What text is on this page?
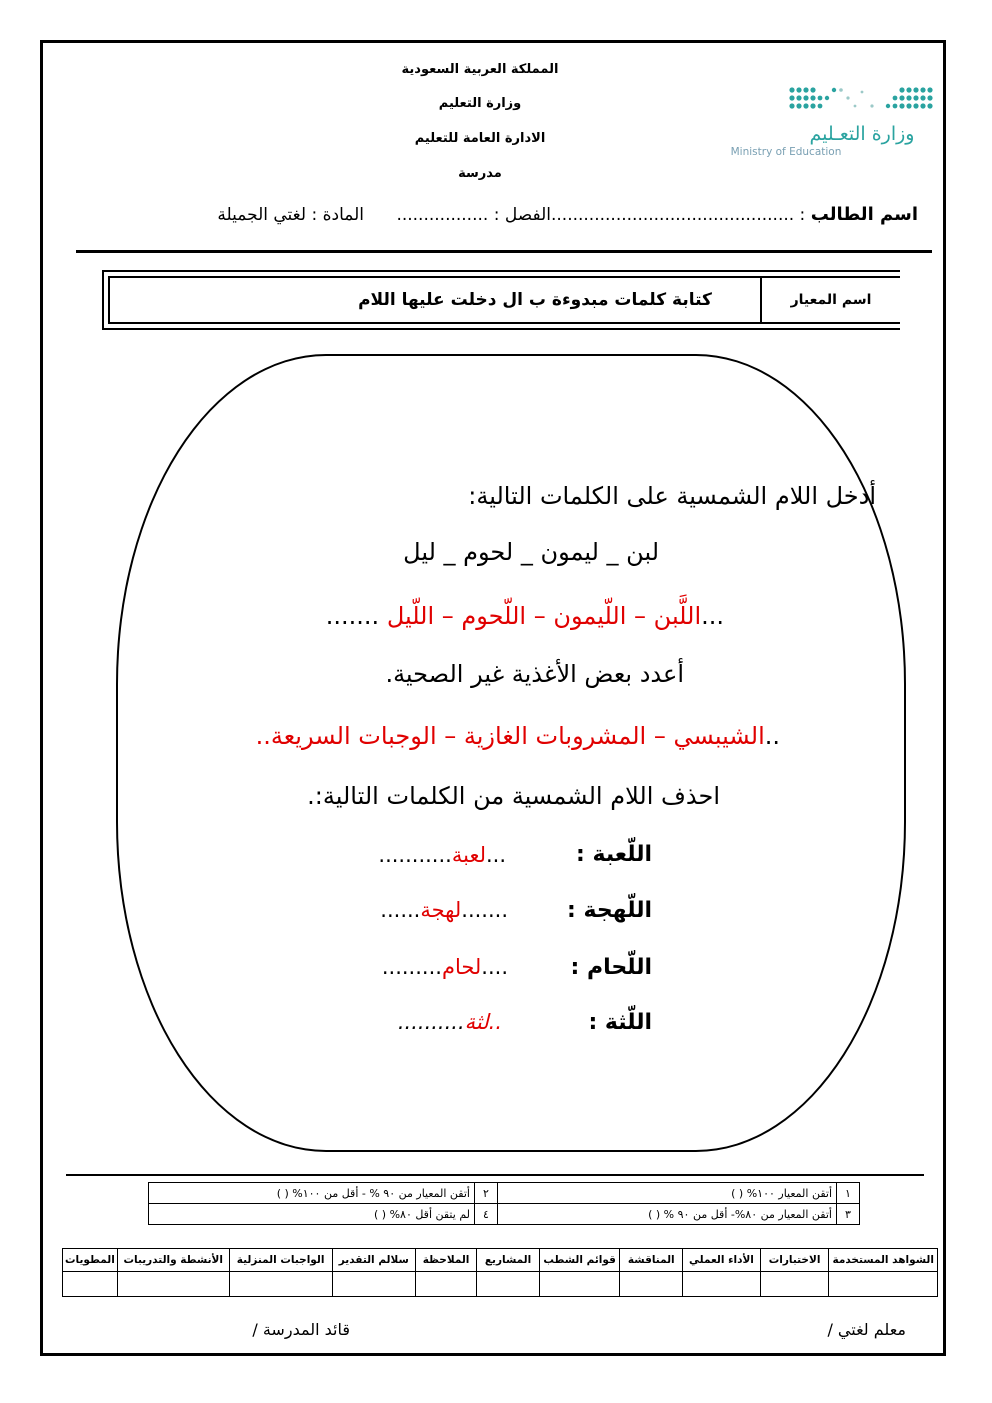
المملكة العربية السعودية
وزارة التعليم
الادارة العامة للتعليم
مدرسة
وزارة التعـليم
Ministry of Education
اسم الطالب : .............................................الفصل : .................      المادة : لغتي الجميلة
اسم المعيار
كتابة كلمات مبدوءة ب ال دخلت عليها اللام
أدخل اللام الشمسية على الكلمات التالية:
لبن _ ليمون _ لحوم _ ليل
...اللَّبن – اللّيمون – اللّحوم – اللّيل .......
أعدد بعض الأغذية غير الصحية.
..الشيبسي – المشروبات الغازية – الوجبات السريعة..
احذف اللام الشمسية من الكلمات التالية:.
اللّعبة :
...لعبة...........
اللّهجة :
.......لهجة......
اللّحام :
....لحام.........
اللّثة :
..لثة..........
١	أتقن المعيار ١٠٠% ( )	٢	أتقن المعيار من ٩٠ % - أقل من ١٠٠% ( )
٣	أتقن المعيار من ٨٠%- أقل من ٩٠ % ( )	٤	لم يتقن أقل ٨٠% ( )
الشواهد المستخدمة	الاختبارات	الأداء العملي	المناقشة	قوائم الشطب	المشاريع	الملاحظة	سلالم التقدير	الواجبات المنزلية	الأنشطة والتدريبات	المطويات

معلم لغتي /
قائد المدرسة /
